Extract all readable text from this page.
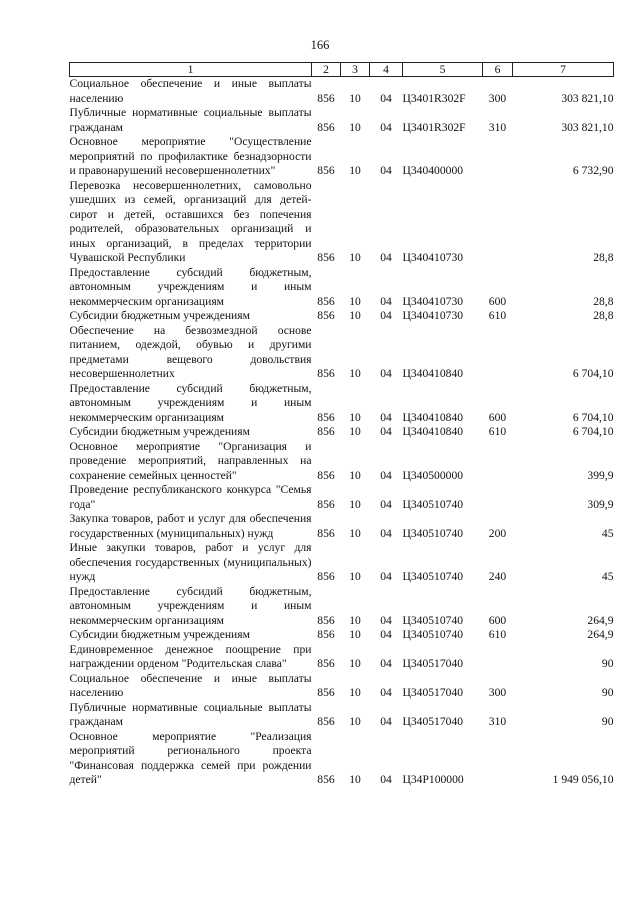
166
1	2	3	4	5	6	7

Социальное обеспечение и иные выплаты населению	856	10	04	Ц3401R302F	300	303 821,10

Публичные нормативные социальные выплаты гражданам	856	10	04	Ц3401R302F	310	303 821,10

Основное мероприятие "Осуществление мероприятий по профилактике безнадзорности и правонарушений несовершеннолетних"	856	10	04	Ц340400000		6 732,90

Перевозка несовершеннолетних, самовольно ушедших из семей, организаций для детей-сирот и детей, оставшихся без попечения родителей, образовательных организаций и иных организаций, в пределах территории Чувашской Республики	856	10	04	Ц340410730		28,8

Предоставление субсидий бюджетным, автономным учреждениям и иным некоммерческим организациям	856	10	04	Ц340410730	600	28,8

Субсидии бюджетным учреждениям	856	10	04	Ц340410730	610	28,8

Обеспечение на безвозмездной основе питанием, одеждой, обувью и другими предметами вещевого довольствия несовершеннолетних	856	10	04	Ц340410840		6 704,10

Предоставление субсидий бюджетным, автономным учреждениям и иным некоммерческим организациям	856	10	04	Ц340410840	600	6 704,10

Субсидии бюджетным учреждениям	856	10	04	Ц340410840	610	6 704,10

Основное мероприятие "Организация и проведение мероприятий, направленных на сохранение семейных ценностей"	856	10	04	Ц340500000		399,9

Проведение республиканского конкурса "Семья года"	856	10	04	Ц340510740		309,9

Закупка товаров, работ и услуг для обеспечения государственных (муниципальных) нужд	856	10	04	Ц340510740	200	45

Иные закупки товаров, работ и услуг для обеспечения государственных (муниципальных) нужд	856	10	04	Ц340510740	240	45

Предоставление субсидий бюджетным, автономным учреждениям и иным некоммерческим организациям	856	10	04	Ц340510740	600	264,9

Субсидии бюджетным учреждениям	856	10	04	Ц340510740	610	264,9

Единовременное денежное поощрение при награждении орденом "Родительская слава"	856	10	04	Ц340517040		90

Социальное обеспечение и иные выплаты населению	856	10	04	Ц340517040	300	90

Публичные нормативные социальные выплаты гражданам	856	10	04	Ц340517040	310	90

Основное мероприятие "Реализация мероприятий регионального проекта "Финансовая поддержка семей при рождении детей"	856	10	04	Ц34Р100000		1 949 056,10
